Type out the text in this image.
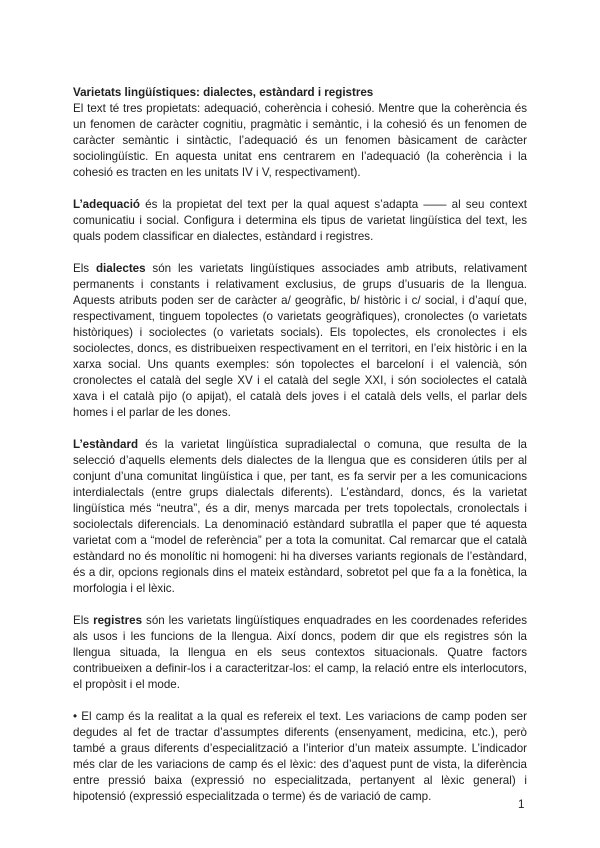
Varietats lingüístiques: dialectes, estàndard i registres

El text té tres propietats: adequació, coherència i cohesió. Mentre que la coherència és un fenomen de caràcter cognitiu, pragmàtic i semàntic, i la cohesió és un fenomen de caràcter semàntic i sintàctic, l’adequació és un fenomen bàsicament de caràcter sociolingüístic. En aquesta unitat ens centrarem en l’adequació (la coherència i la cohesió es tracten en les unitats IV i V, respectivament).

L’adequació és la propietat del text per la qual aquest s’adapta —— al seu context comunicatiu i social. Configura i determina els tipus de varietat lingüística del text, les quals podem classificar en dialectes, estàndard i registres.

Els dialectes són les varietats lingüístiques associades amb atributs, relativament permanents i constants i relativament exclusius, de grups d’usuaris de la llengua. Aquests atributs poden ser de caràcter a/ geogràfic, b/ històric i c/ social, i d’aquí que, respectivament, tinguem topolectes (o varietats geogràfiques), cronolectes (o varietats històriques) i sociolectes (o varietats socials). Els topolectes, els cronolectes i els sociolectes, doncs, es distribueixen respectivament en el territori, en l’eix històric i en la xarxa social. Uns quants exemples: són topolectes el barceloní i el valencià, són cronolectes el català del segle XV i el català del segle XXI, i són sociolectes el català xava i el català pijo (o apijat), el català dels joves i el català dels vells, el parlar dels homes i el parlar de les dones.

L’estàndard és la varietat lingüística supradialectal o comuna, que resulta de la selecció d’aquells elements dels dialectes de la llengua que es consideren útils per al conjunt d’una comunitat lingüística i que, per tant, es fa servir per a les comunicacions interdialectals (entre grups dialectals diferents). L’estàndard, doncs, és la varietat lingüística més “neutra”, és a dir, menys marcada per trets topolectals, cronolectals i sociolectals diferencials. La denominació estàndard subratlla el paper que té aquesta varietat com a “model de referència” per a tota la comunitat. Cal remarcar que el català estàndard no és monolític ni homogeni: hi ha diverses variants regionals de l’estàndard, és a dir, opcions regionals dins el mateix estàndard, sobretot pel que fa a la fonètica, la morfologia i el lèxic.

Els registres són les varietats lingüístiques enquadrades en les coordenades referides als usos i les funcions de la llengua. Així doncs, podem dir que els registres són la llengua situada, la llengua en els seus contextos situacionals. Quatre factors contribueixen a definir-los i a caracteritzar-los: el camp, la relació entre els interlocutors, el propòsit i el mode.

• El camp és la realitat a la qual es refereix el text. Les variacions de camp poden ser degudes al fet de tractar d’assumptes diferents (ensenyament, medicina, etc.), però també a graus diferents d’especialització a l’interior d’un mateix assumpte. L’indicador més clar de les variacions de camp és el lèxic: des d’aquest punt de vista, la diferència entre pressió baixa (expressió no especialitzada, pertanyent al lèxic general) i hipotensió (expressió especialitzada o terme) és de variació de camp.

1
